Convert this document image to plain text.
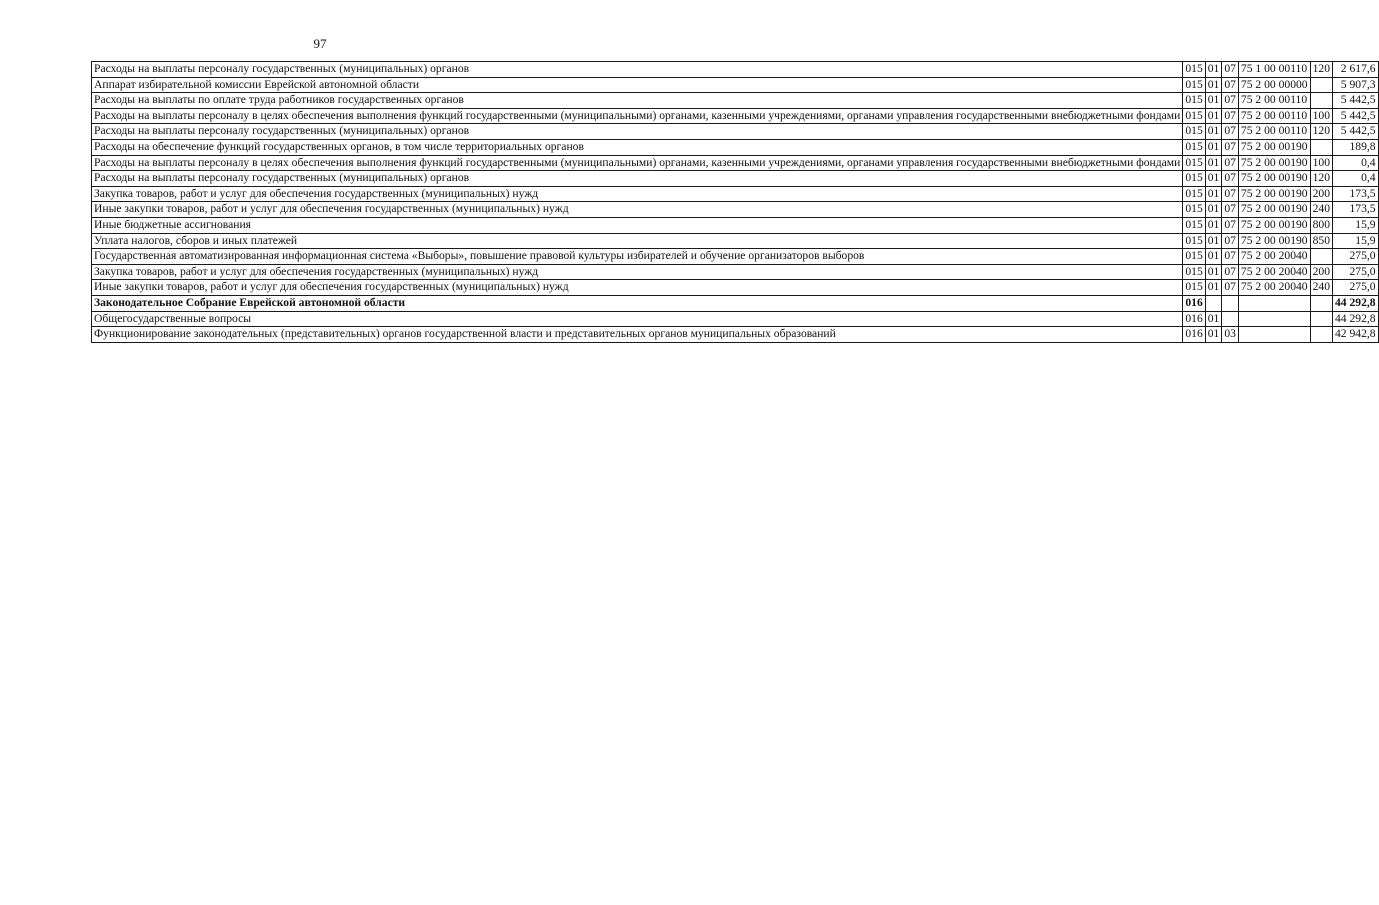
97
Расходы на выплаты персоналу государственных (муниципальных) органов	015	01	07	75 1 00 00110	120	2 617,6
Аппарат избирательной комиссии Еврейской автономной области	015	01	07	75 2 00 00000		5 907,3
Расходы на выплаты по оплате труда работников государственных органов	015	01	07	75 2 00 00110		5 442,5
Расходы на выплаты персоналу в целях обеспечения выполнения функций государственными (муниципальными) органами, казенными учреждениями, органами управления государственными внебюджетными фондами	015	01	07	75 2 00 00110	100	5 442,5
Расходы на выплаты персоналу государственных (муниципальных) органов	015	01	07	75 2 00 00110	120	5 442,5
Расходы на обеспечение функций государственных органов, в том числе территориальных органов	015	01	07	75 2 00 00190		189,8
Расходы на выплаты персоналу в целях обеспечения выполнения функций государственными (муниципальными) органами, казенными учреждениями, органами управления государственными внебюджетными фондами	015	01	07	75 2 00 00190	100	0,4
Расходы на выплаты персоналу государственных (муниципальных) органов	015	01	07	75 2 00 00190	120	0,4
Закупка товаров, работ и услуг для обеспечения государственных (муниципальных) нужд	015	01	07	75 2 00 00190	200	173,5
Иные закупки товаров, работ и услуг для обеспечения государственных (муниципальных) нужд	015	01	07	75 2 00 00190	240	173,5
Иные бюджетные ассигнования	015	01	07	75 2 00 00190	800	15,9
Уплата налогов, сборов и иных платежей	015	01	07	75 2 00 00190	850	15,9
Государственная автоматизированная информационная система «Выборы», повышение правовой культуры избирателей и обучение организаторов выборов	015	01	07	75 2 00 20040		275,0
Закупка товаров, работ и услуг для обеспечения государственных (муниципальных) нужд	015	01	07	75 2 00 20040	200	275,0
Иные закупки товаров, работ и услуг для обеспечения государственных (муниципальных) нужд	015	01	07	75 2 00 20040	240	275,0
Законодательное Собрание Еврейской автономной области	016					44 292,8
Общегосударственные вопросы	016	01				44 292,8
Функционирование законодательных (представительных) органов государственной власти и представительных органов муниципальных образований	016	01	03			42 942,8
